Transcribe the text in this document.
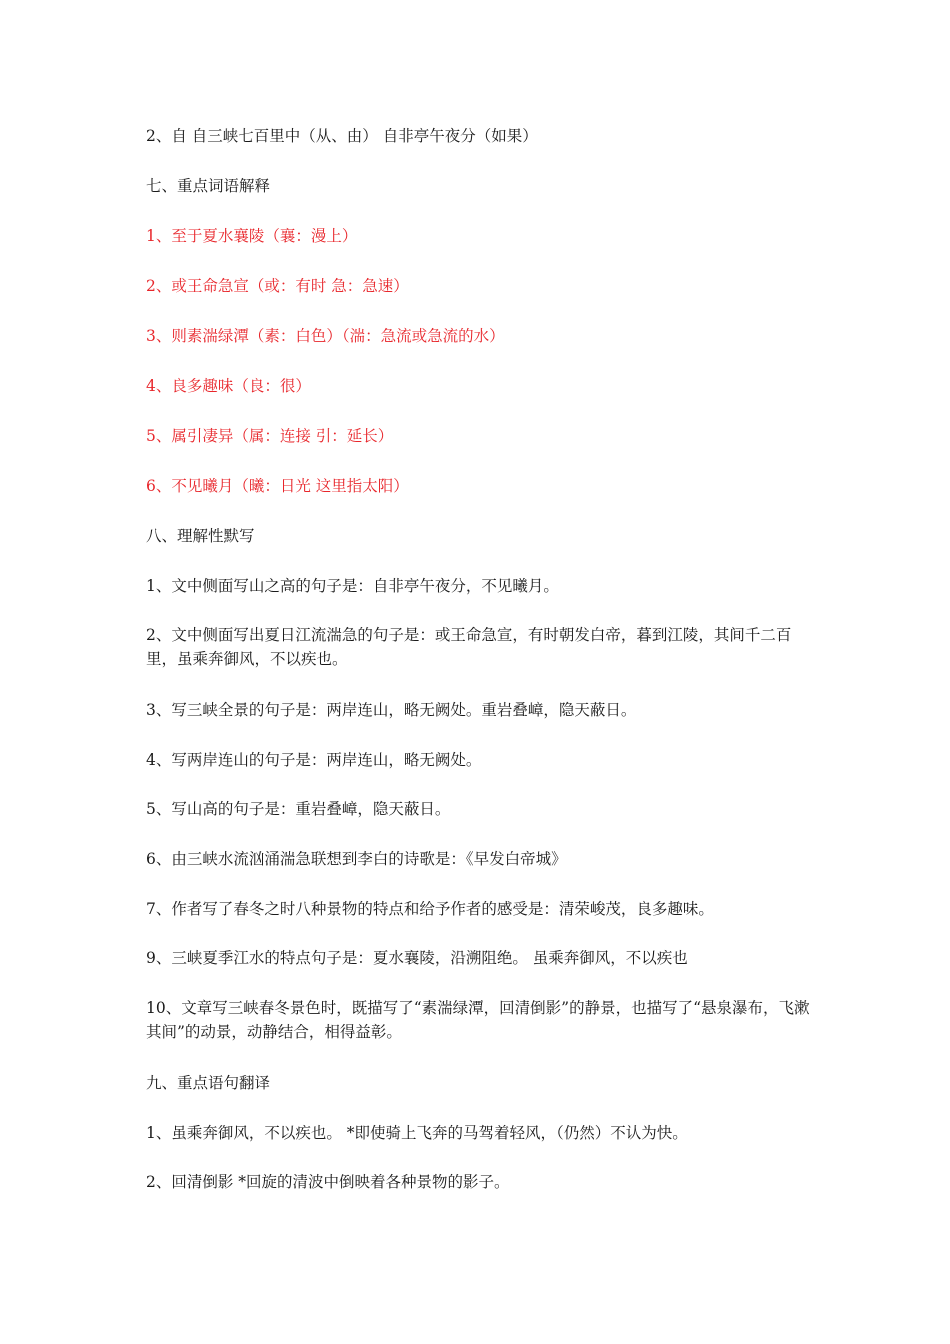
2、自 自三峡七百里中（从、由） 自非亭午夜分（如果）
七、重点词语解释
1、至于夏水襄陵（襄：漫上）
2、或王命急宣（或：有时 急：急速）
3、则素湍绿潭（素：白色）（湍：急流或急流的水）
4、良多趣味（良：很）
5、属引凄异（属：连接 引：延长）
6、不见曦月（曦：日光 这里指太阳）
八、理解性默写
1、文中侧面写山之高的句子是：自非亭午夜分，不见曦月。
2、文中侧面写出夏日江流湍急的句子是：或王命急宣，有时朝发白帝，暮到江陵，其间千二百里，虽乘奔御风，不以疾也。
3、写三峡全景的句子是：两岸连山，略无阙处。重岩叠嶂，隐天蔽日。
4、写两岸连山的句子是：两岸连山，略无阙处。
5、写山高的句子是：重岩叠嶂，隐天蔽日。
6、由三峡水流汹涌湍急联想到李白的诗歌是：《早发白帝城》
7、作者写了春冬之时八种景物的特点和给予作者的感受是：清荣峻茂，良多趣味。
9、三峡夏季江水的特点句子是：夏水襄陵，沿溯阻绝。 虽乘奔御风，不以疾也
10、文章写三峡春冬景色时，既描写了“素湍绿潭，回清倒影”的静景，也描写了“悬泉瀑布，飞漱其间”的动景，动静结合，相得益彰。
九、重点语句翻译
1、虽乘奔御风，不以疾也。 *即使骑上飞奔的马驾着轻风，（仍然）不认为快。
2、回清倒影 *回旋的清波中倒映着各种景物的影子。
